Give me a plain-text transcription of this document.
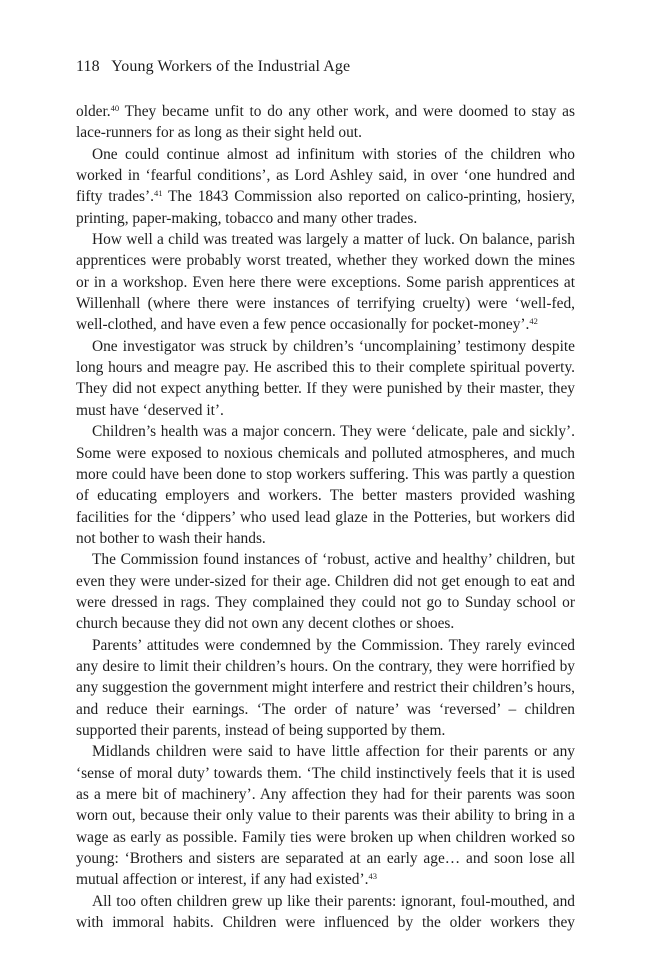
118 Young Workers of the Industrial Age

older.$^{40}$ They became unfit to do any other work, and were doomed to stay as lace-runners for as long as their sight held out.

One could continue almost ad infinitum with stories of the children who worked in ‘fearful conditions’, as Lord Ashley said, in over ‘one hundred and fifty trades’.$^{41}$ The 1843 Commission also reported on calico-printing, hosiery, printing, paper-making, tobacco and many other trades.

How well a child was treated was largely a matter of luck. On balance, parish apprentices were probably worst treated, whether they worked down the mines or in a workshop. Even here there were exceptions. Some parish apprentices at Willenhall (where there were instances of terrifying cruelty) were ‘well-fed, well-clothed, and have even a few pence occasionally for pocket-money’.$^{42}$

One investigator was struck by children’s ‘uncomplaining’ testimony despite long hours and meagre pay. He ascribed this to their complete spiritual poverty. They did not expect anything better. If they were punished by their master, they must have ‘deserved it’.

Children’s health was a major concern. They were ‘delicate, pale and sickly’. Some were exposed to noxious chemicals and polluted atmospheres, and much more could have been done to stop workers suffering. This was partly a question of educating employers and workers. The better masters provided washing facilities for the ‘dippers’ who used lead glaze in the Potteries, but workers did not bother to wash their hands.

The Commission found instances of ‘robust, active and healthy’ children, but even they were under-sized for their age. Children did not get enough to eat and were dressed in rags. They complained they could not go to Sunday school or church because they did not own any decent clothes or shoes.

Parents’ attitudes were condemned by the Commission. They rarely evinced any desire to limit their children’s hours. On the contrary, they were horrified by any suggestion the government might interfere and restrict their children’s hours, and reduce their earnings. ‘The order of nature’ was ‘reversed’ – children supported their parents, instead of being supported by them.

Midlands children were said to have little affection for their parents or any ‘sense of moral duty’ towards them. ‘The child instinctively feels that it is used as a mere bit of machinery’. Any affection they had for their parents was soon worn out, because their only value to their parents was their ability to bring in a wage as early as possible. Family ties were broken up when children worked so young: ‘Brothers and sisters are separated at an early age… and soon lose all mutual affection or interest, if any had existed’.$^{43}$

All too often children grew up like their parents: ignorant, foul-mouthed, and with immoral habits. Children were influenced by the older workers they
